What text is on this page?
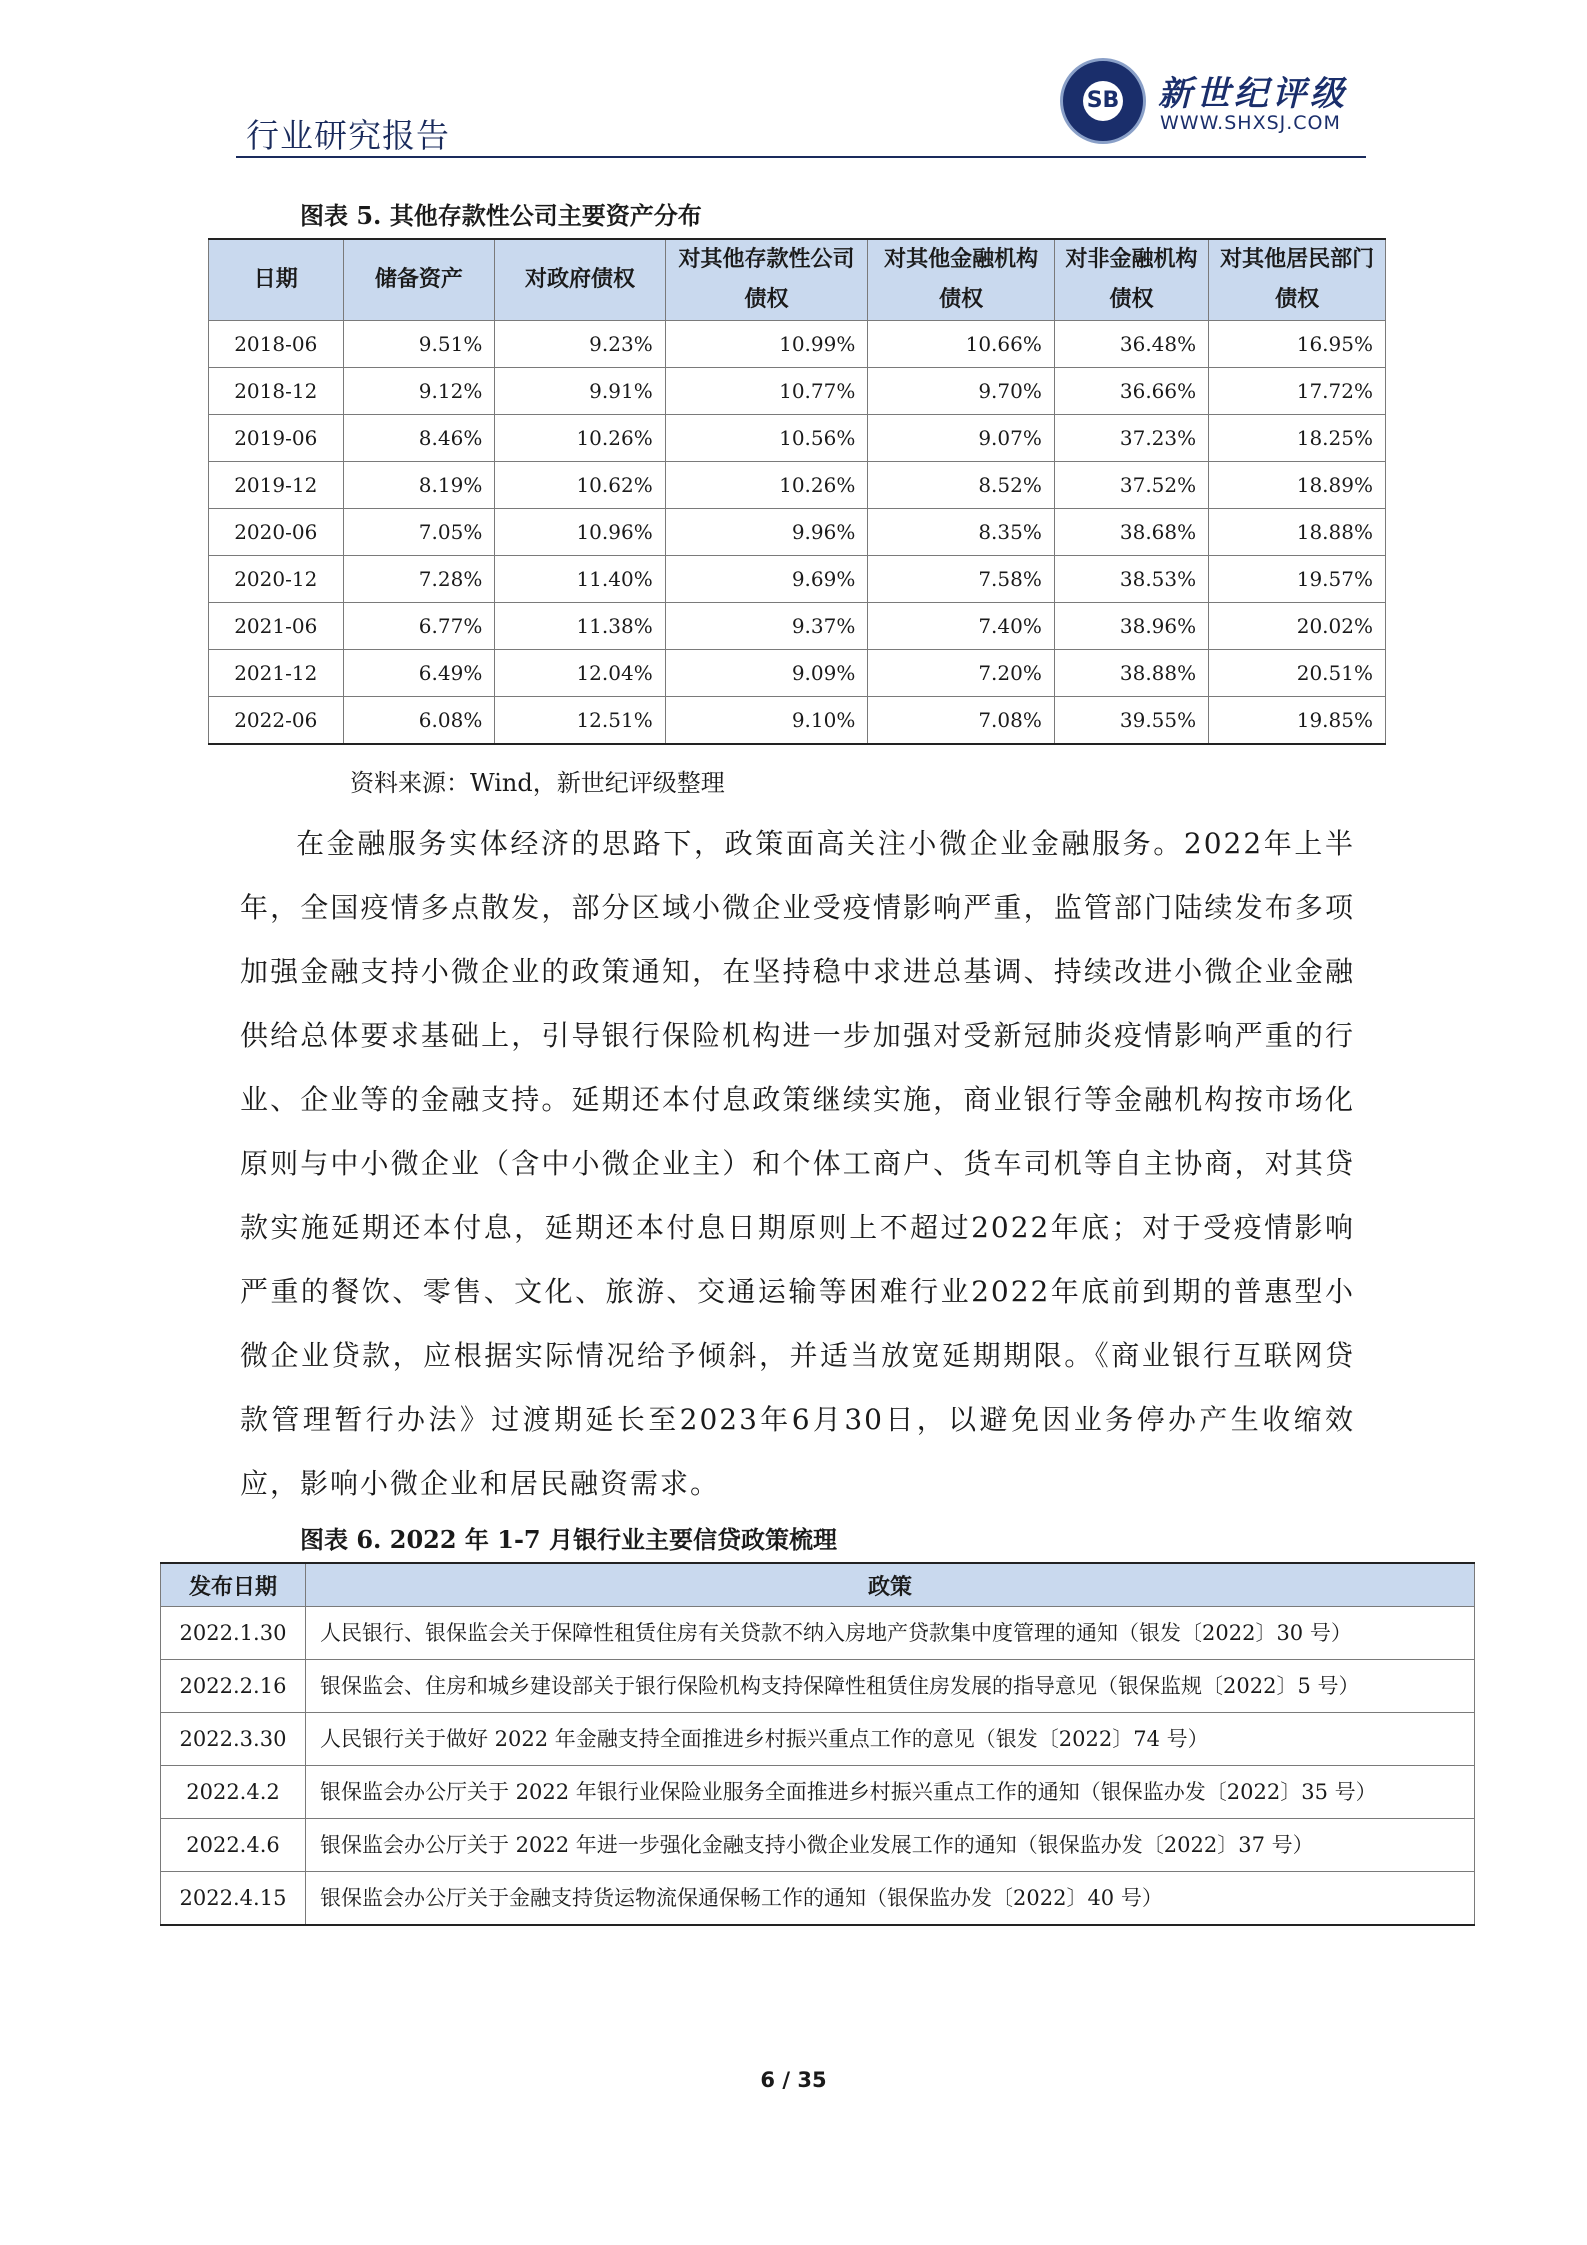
行业研究报告
SB 新世纪评级
WWW.SHXSJ.COM
图表 5. 其他存款性公司主要资产分布
日期	储备资产	对政府债权	对其他存款性公司债权	对其他金融机构债权	对非金融机构债权	对其他居民部门债权
2018-06	9.51%	9.23%	10.99%	10.66%	36.48%	16.95%
2018-12	9.12%	9.91%	10.77%	9.70%	36.66%	17.72%
2019-06	8.46%	10.26%	10.56%	9.07%	37.23%	18.25%
2019-12	8.19%	10.62%	10.26%	8.52%	37.52%	18.89%
2020-06	7.05%	10.96%	9.96%	8.35%	38.68%	18.88%
2020-12	7.28%	11.40%	9.69%	7.58%	38.53%	19.57%
2021-06	6.77%	11.38%	9.37%	7.40%	38.96%	20.02%
2021-12	6.49%	12.04%	9.09%	7.20%	38.88%	20.51%
2022-06	6.08%	12.51%	9.10%	7.08%	39.55%	19.85%
资料来源：Wind，新世纪评级整理

在金融服务实体经济的思路下，政策面高关注小微企业金融服务。2022年上半年，全国疫情多点散发，部分区域小微企业受疫情影响严重，监管部门陆续发布多项加强金融支持小微企业的政策通知，在坚持稳中求进总基调、持续改进小微企业金融供给总体要求基础上，引导银行保险机构进一步加强对受新冠肺炎疫情影响严重的行业、企业等的金融支持。延期还本付息政策继续实施，商业银行等金融机构按市场化原则与中小微企业（含中小微企业主）和个体工商户、货车司机等自主协商，对其贷款实施延期还本付息，延期还本付息日期原则上不超过2022年底；对于受疫情影响严重的餐饮、零售、文化、旅游、交通运输等困难行业2022年底前到期的普惠型小微企业贷款，应根据实际情况给予倾斜，并适当放宽延期期限。《商业银行互联网贷款管理暂行办法》过渡期延长至2023年6月30日，以避免因业务停办产生收缩效应，影响小微企业和居民融资需求。

图表 6. 2022 年 1-7 月银行业主要信贷政策梳理
发布日期	政策
2022.1.30	人民银行、银保监会关于保障性租赁住房有关贷款不纳入房地产贷款集中度管理的通知（银发〔2022〕30 号）
2022.2.16	银保监会、住房和城乡建设部关于银行保险机构支持保障性租赁住房发展的指导意见（银保监规〔2022〕5 号）
2022.3.30	人民银行关于做好 2022 年金融支持全面推进乡村振兴重点工作的意见（银发〔2022〕74 号）
2022.4.2	银保监会办公厅关于 2022 年银行业保险业服务全面推进乡村振兴重点工作的通知（银保监办发〔2022〕35 号）
2022.4.6	银保监会办公厅关于 2022 年进一步强化金融支持小微企业发展工作的通知（银保监办发〔2022〕37 号）
2022.4.15	银保监会办公厅关于金融支持货运物流保通保畅工作的通知（银保监办发〔2022〕40 号）
6 / 35
